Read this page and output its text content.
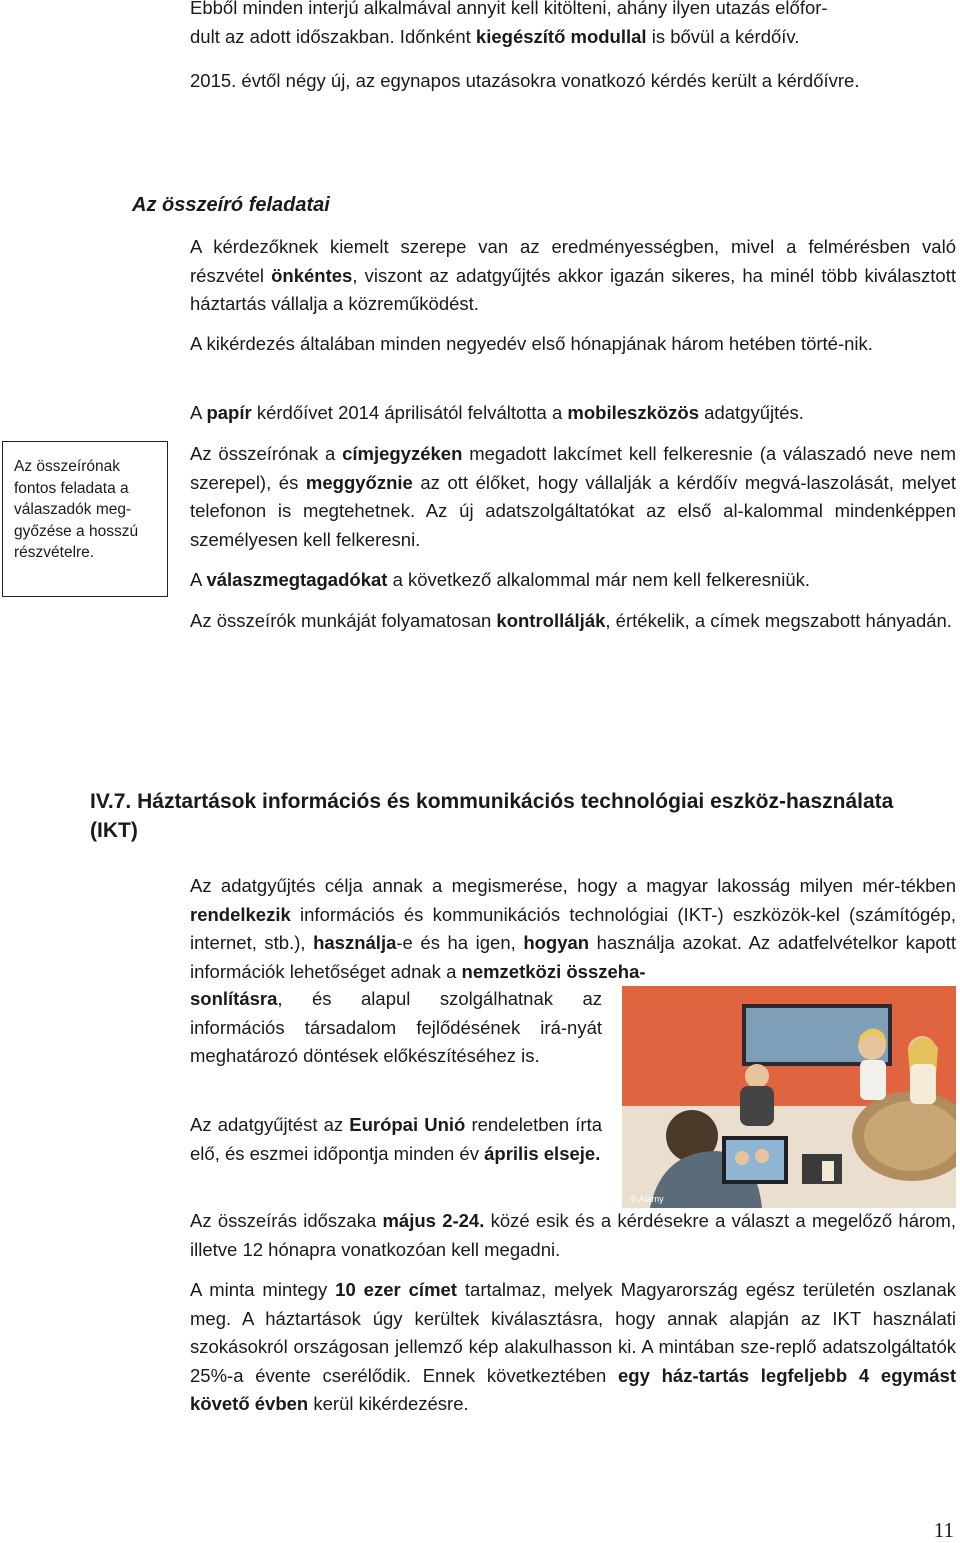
Ebből minden interjú alkalmával annyit kell kitölteni, ahány ilyen utazás előfor-
dult az adott időszakban. Időnként kiegészítő modullal is bővül a kérdőív.

2015. évtől négy új, az egynapos utazásokra vonatkozó kérdés került a kérdőívre.

Az összeíró feladatai

A kérdezőknek kiemelt szerepe van az eredményességben, mivel a felmérésben való részvétel önkéntes, viszont az adatgyűjtés akkor igazán sikeres, ha minél több kiválasztott háztartás vállalja a közreműködést.

A kikérdezés általában minden negyedév első hónapjának három hetében törté-nik.

A papír kérdőívet 2014 áprilisától felváltotta a mobileszközös adatgyűjtés.

Az összeírónak a címjegyzéken megadott lakcímet kell felkeresnie (a válaszadó neve nem szerepel), és meggyőznie az ott élőket, hogy vállalják a kérdőív megvá-laszolását, melyet telefonon is megtehetnek. Az új adatszolgáltatókat az első al-kalommal mindenképpen személyesen kell felkeresni.

A válaszmegtagadókat a következő alkalommal már nem kell felkeresniük.

Az összeírók munkáját folyamatosan kontrollálják, értékelik, a címek megszabott hányadán.

Az összeírónak fontos feladata a válaszadók meg-győzése a hosszú részvételre.
IV.7. Háztartások információs és kommunikációs technológiai eszköz-használata
(IKT)

Az adatgyűjtés célja annak a megismerése, hogy a magyar lakosság milyen mér-tékben rendelkezik információs és kommunikációs technológiai (IKT-) eszközök-kel (számítógép, internet, stb.), használja-e és ha igen, hogyan használja azokat. Az adatfelvételkor kapott információk lehetőséget adnak a nemzetközi összeha-

sonlításra, és alapul szolgálhatnak az információs társadalom fejlődésének irá-nyát meghatározó döntések előkészítéséhez is.

Az adatgyűjtést az Európai Unió rendeletben írta elő, és eszmei időpontja minden év április elseje.

© Alamy

Az összeírás időszaka május 2-24. közé esik és a kérdésekre a választ a megelőző három, illetve 12 hónapra vonatkozóan kell megadni.

A minta mintegy 10 ezer címet tartalmaz, melyek Magyarország egész területén oszlanak meg. A háztartások úgy kerültek kiválasztásra, hogy annak alapján az IKT használati szokásokról országosan jellemző kép alakulhasson ki. A mintában sze-replő adatszolgáltatók 25%-a évente cserélődik. Ennek következtében egy ház-tartás legfeljebb 4 egymást követő évben kerül kikérdezésre.

11
